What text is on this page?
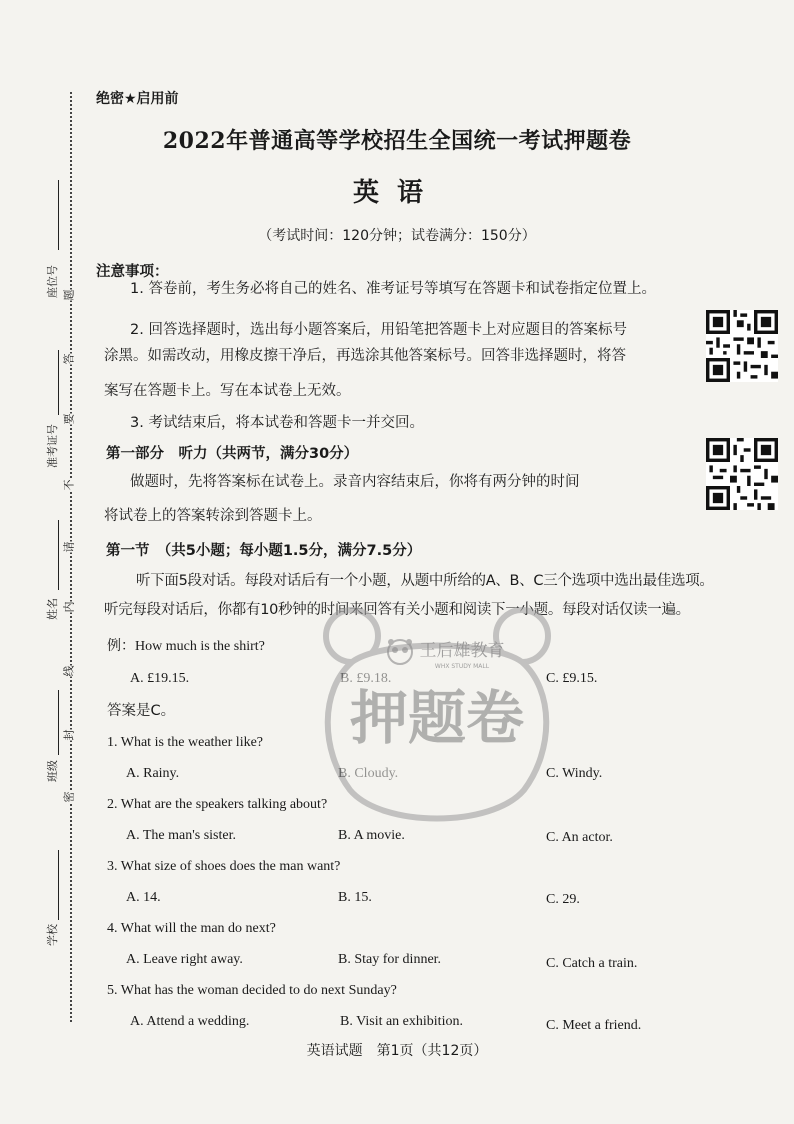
座位号
准考证号
姓名
班级
学校
题
答
要
不
请
内
线
封
密
绝密★启用前
2022年普通高等学校招生全国统一考试押题卷
英语
（考试时间：120分钟；试卷满分：150分）
注意事项：
1. 答卷前，考生务必将自己的姓名、准考证号等填写在答题卡和试卷指定位置上。
2. 回答选择题时，选出每小题答案后，用铅笔把答题卡上对应题目的答案标号
涂黑。如需改动，用橡皮擦干净后，再选涂其他答案标号。回答非选择题时，将答
案写在答题卡上。写在本试卷上无效。
3. 考试结束后，将本试卷和答题卡一并交回。
第一部分　听力（共两节，满分30分）
做题时，先将答案标在试卷上。录音内容结束后，你将有两分钟的时间
将试卷上的答案转涂到答题卡上。
第一节　（共5小题；每小题1.5分，满分7.5分）
听下面5段对话。每段对话后有一个小题，从题中所给的A、B、C三个选项中选出最佳选项。
听完每段对话后，你都有10秒钟的时间来回答有关小题和阅读下一小题。每段对话仅读一遍。
例：How much is the shirt?
A. £19.15.	C. £9.15.
答案是C。
1. What is the weather like?
A. Rainy.	C. Windy.
2. What are the speakers talking about?
A. The man's sister.	B. A movie.	C. An actor.
3. What size of shoes does the man want?
A. 14.	B. 15.	C. 29.
4. What will the man do next?
A. Leave right away.	B. Stay for dinner.	C. Catch a train.
5. What has the woman decided to do next Sunday?
A. Attend a wedding.	B. Visit an exhibition.	C. Meet a friend.
王后雄教育
WHX STUDY MALL
押题卷
英语试题　第1页（共12页）
